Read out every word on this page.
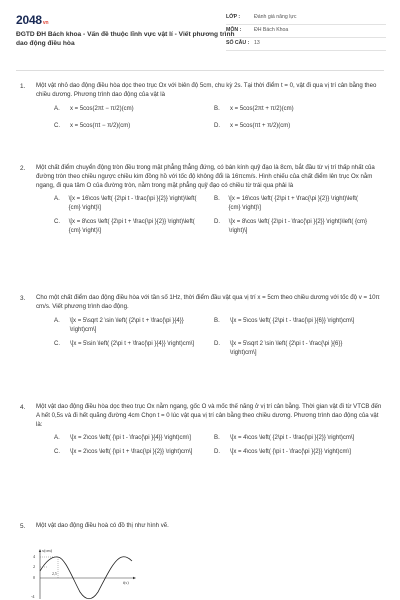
2048vn
ĐGTD ĐH Bách khoa - Vấn đề thuộc lĩnh vực vật lí - Viết phương trình dao động điều hòa
LỚP :	Đánh giá năng lực
MÔN :	ĐH Bách Khoa
SỐ CÂU : 13
1. Một vật nhỏ dao động điều hòa dọc theo trục Ox với biên độ 5cm, chu kỳ 2s. Tại thời điểm t = 0, vật đi qua vị trí cân bằng theo chiều dương. Phương trình dao động của vật là
A.	x = 5cos(2πt − π/2)(cm)	B.	x = 5cos(2πt + π/2)(cm)
C.	x = 5cos(πt − π/2)(cm)	D.	x = 5cos(πt + π/2)(cm)
2. Một chất điểm chuyển động tròn đều trong mặt phẳng thẳng đứng, có bán kính quỹ đạo là 8cm, bắt đầu từ vị trí thấp nhất của đường tròn theo chiều ngược chiều kim đồng hồ với tốc độ không đổi là 16πcm/s. Hình chiếu của chất điểm lên trục Ox nằm ngang, đi qua tâm O của đường tròn, nằm trong mặt phẳng quỹ đạo có chiều từ trái qua phải là
A.	\[x = 16\cos \left( {2\pi t - \frac{\pi }{2}} \right)\left( {cm} \right)\]
B.	\[x = 16\cos \left( {2\pi t + \frac{\pi }{2}} \right)\left( {cm} \right)\]
C.	\[x = 8\cos \left( {2\pi t + \frac{\pi }{2}} \right)\left( {cm} \right)\]
D.	\[x = 8\cos \left( {2\pi t - \frac{\pi }{2}} \right)\left( {cm} \right)\]
3. Cho một chất điểm dao động điều hòa với tần số 1Hz, thời điểm đầu vật qua vị trí x = 5cm theo chiều dương với tốc độ v = 10π cm/s. Viết phương trình dao động.
A.	\[x = 5\sqrt 2 \sin \left( {2\pi t + \frac{\pi }{4}} \right)cm\]
B.	\[x = 5\cos \left( {2\pi t - \frac{\pi }{6}} \right)cm\]
C.	\[x = 5\sin \left( {2\pi t + \frac{\pi }{4}} \right)cm\]	D.	\[x = 5\sqrt 2 \sin \left( {2\pi t - \frac{\pi }{6}} \right)cm\]
4. Một vật dao động điều hòa dọc theo trục Ox nằm ngang, gốc O và mốc thế năng ở vị trí cân bằng. Thời gian vật đi từ VTCB đến A hết 0,5s và đi hết quãng đường 4cm Chọn t = 0 lúc vật qua vị trí cân bằng theo chiều dương. Phương trình dao động của vật là:
A.	\[x = 2\cos \left( {\pi t - \frac{\pi }{4}} \right)cm\]	B.	\[x = 4\cos \left( {2\pi t - \frac{\pi }{2}} \right)cm\]
C.	\[x = 2\cos \left( {\pi t + \frac{\pi }{2}} \right)cm\]	D.	\[x = 4\cos \left( {\pi t - \frac{\pi }{2}} \right)cm\]
5. Một vật dao động điều hoà có đồ thị như hình vẽ.
x(cm)
t(s)
4
2
0
-4
2,5
